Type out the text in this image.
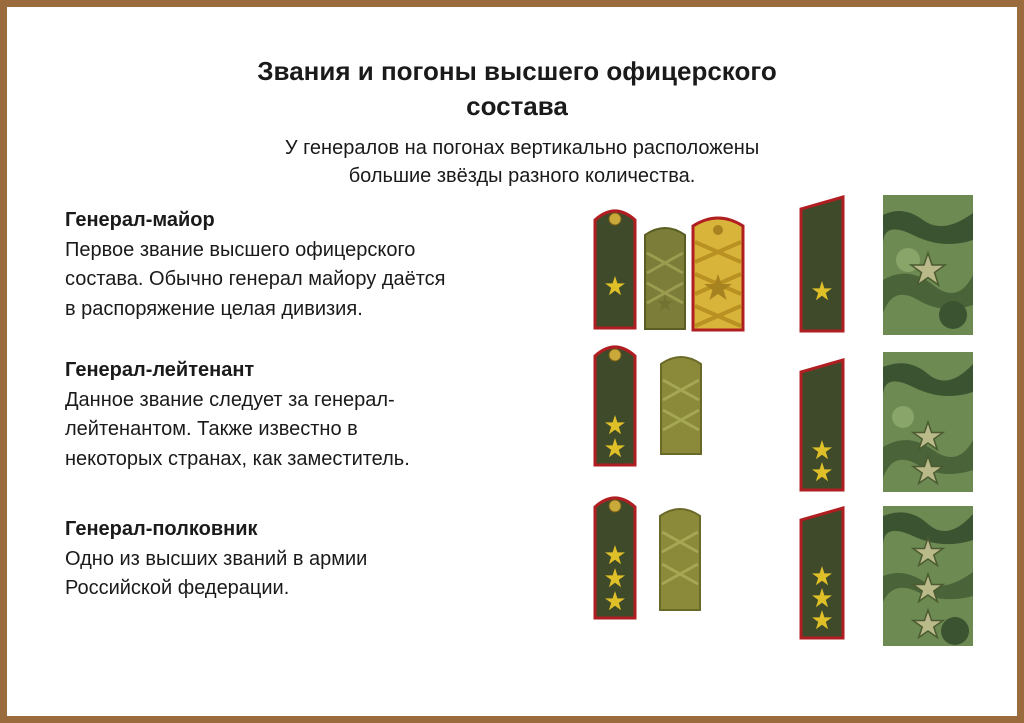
Звания и погоны высшего офицерского
состава

У генералов на погонах вертикально расположены
большие звёзды разного количества.

Генерал-майор

Первое звание высшего офицерского

состава. Обычно генерал майору даётся

в распоряжение целая дивизия.

Генерал-лейтенант

Данное звание следует за генерал-

лейтенантом. Также известно в

некоторых странах, как заместитель.

Генерал-полковник

Одно из высших званий в армии

Российской федерации.
